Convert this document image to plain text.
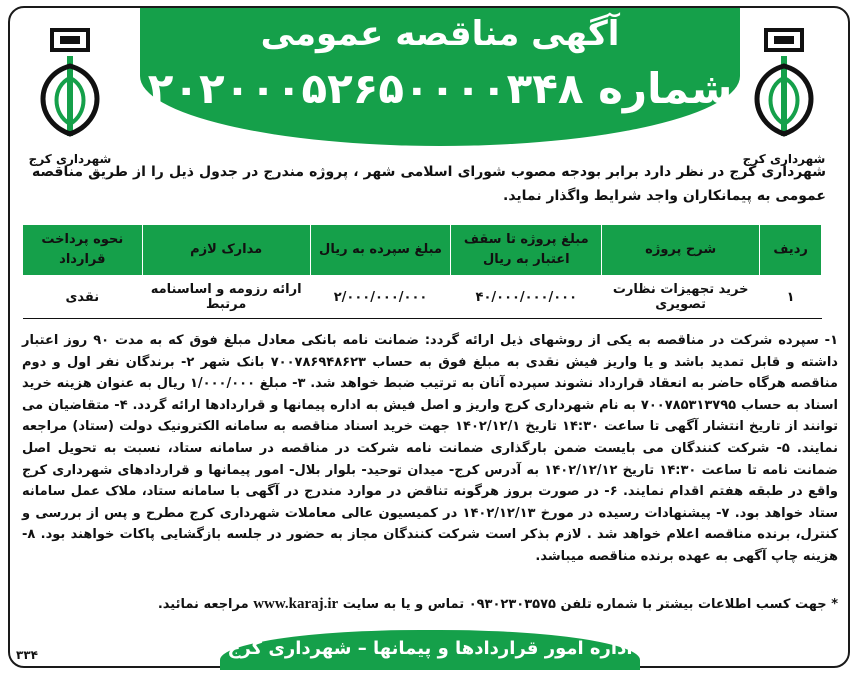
آگهی مناقصه عمومی
شماره ۲۰۲۰۰۰۵۲۶۵۰۰۰۰۳۴۸
شهرداری کرج
شهرداری کرج
شهرداری کرج در نظر دارد برابر بودجه مصوب شورای اسلامی شهر ، پروژه مندرج در جدول ذیل را از طریق مناقصه عمومی به پیمانکاران واجد شرایط واگذار نماید.
ردیف	شرح پروژه	مبلغ پروژه تا سقف اعتبار به ریال	مبلغ سپرده به ریال	مدارک لازم	نحوه پرداخت قرارداد
۱	خرید تجهیزات نظارت تصویری	۴۰/۰۰۰/۰۰۰/۰۰۰	۲/۰۰۰/۰۰۰/۰۰۰	ارائه رزومه و اساسنامه مرتبط	نقدی
۱- سپرده شرکت در مناقصه به یکی از روشهای ذیل ارائه گردد: ضمانت نامه بانکی معادل مبلغ فوق که به مدت ۹۰ روز اعتبار داشته و قابل تمدید باشد و یا واریز فیش نقدی به مبلغ فوق به حساب ۷۰۰۷۸۶۹۴۸۶۲۳ بانک شهر ۲- برندگان نفر اول و دوم مناقصه هرگاه حاضر به انعقاد قرارداد نشوند سپرده آنان به ترتیب ضبط خواهد شد. ۳- مبلغ ۱/۰۰۰/۰۰۰ ریال به عنوان هزینه خرید اسناد به حساب ۷۰۰۷۸۵۳۱۳۷۹۵ به نام شهرداری کرج واریز و اصل فیش به اداره پیمانها و قراردادها ارائه گردد. ۴- متقاضیان می توانند از تاریخ انتشار آگهی تا ساعت ۱۴:۳۰ تاریخ ۱۴۰۲/۱۲/۱ جهت خرید اسناد مناقصه به سامانه الکترونیک دولت (ستاد) مراجعه نمایند. ۵- شرکت کنندگان می بایست ضمن بارگذاری ضمانت نامه شرکت در مناقصه در سامانه ستاد، نسبت به تحویل اصل ضمانت نامه تا ساعت ۱۴:۳۰ تاریخ ۱۴۰۲/۱۲/۱۲ به آدرس کرج- میدان توحید- بلوار بلال- امور پیمانها و قراردادهای شهرداری کرج واقع در طبقه هفتم اقدام نمایند. ۶- در صورت بروز هرگونه تناقض در موارد مندرج در آگهی با سامانه ستاد، ملاک عمل سامانه ستاد خواهد بود. ۷- پیشنهادات رسیده در مورخ ۱۴۰۲/۱۲/۱۳ در کمیسیون عالی معاملات شهرداری کرج مطرح و پس از بررسی و کنترل، برنده مناقصه اعلام خواهد شد . لازم بذکر است شرکت کنندگان مجاز به حضور در جلسه بازگشایی پاکات خواهند بود. ۸- هزینه چاپ آگهی به عهده برنده مناقصه میباشد.
* جهت کسب اطلاعات بیشتر با شماره تلفن ۰۹۳۰۲۳۰۳۵۷۵ تماس و یا به سایت www.karaj.ir مراجعه نمائید.
اداره امور قراردادها و پیمانها – شهرداری کرج
۳۳۴
